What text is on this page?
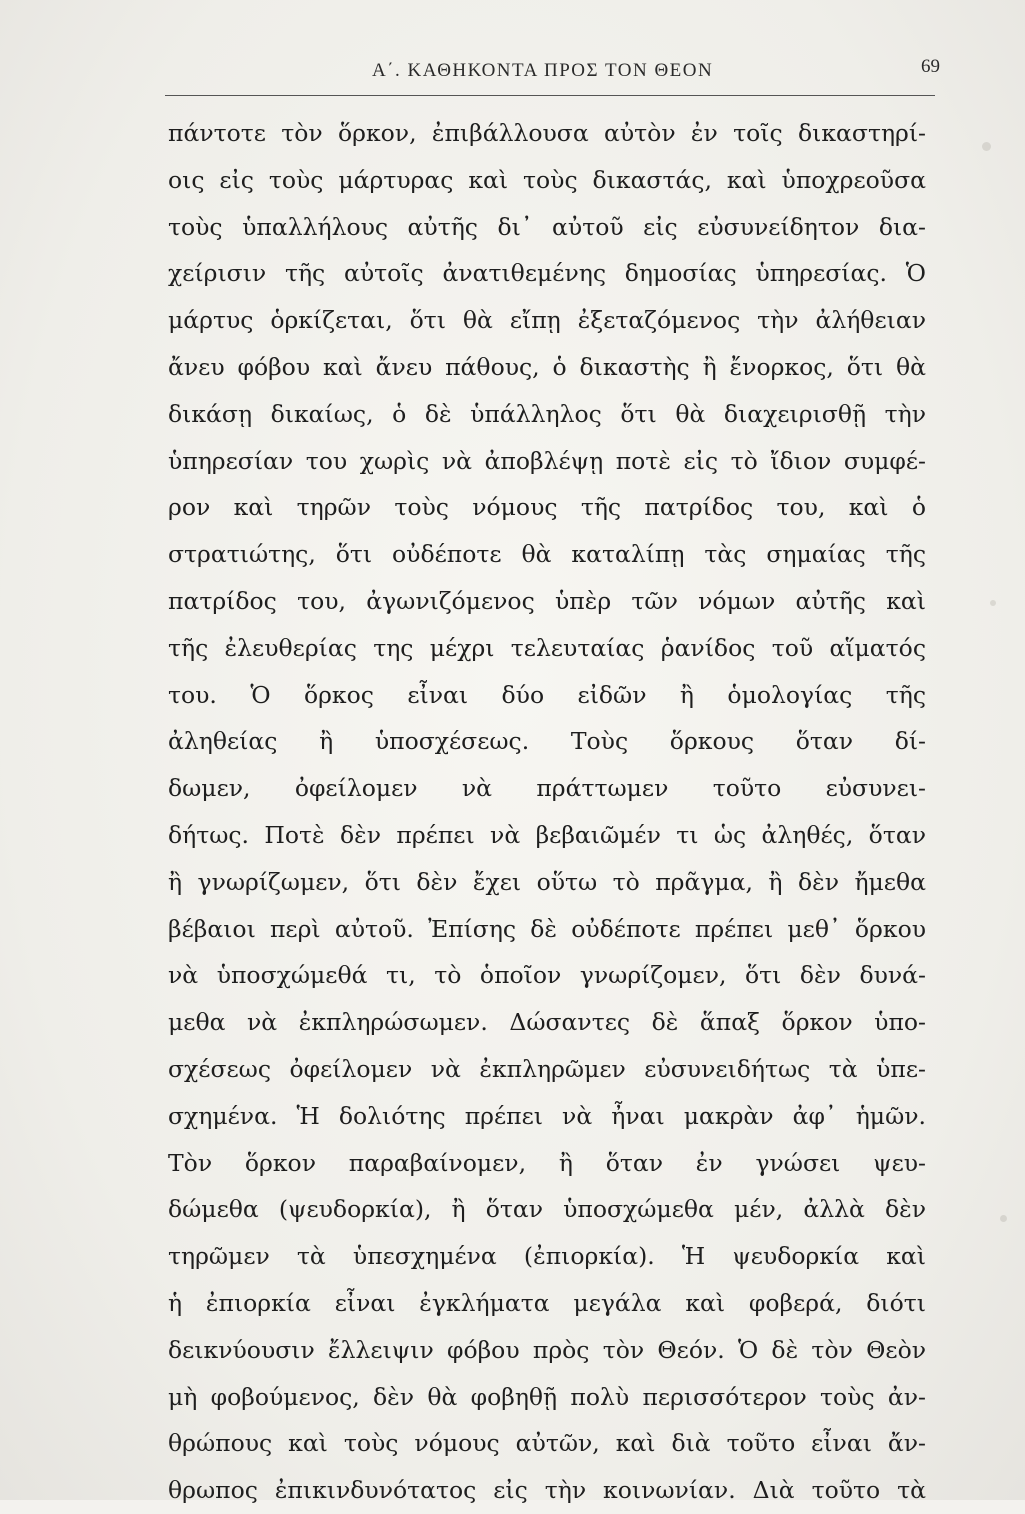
Α΄. ΚΑΘΗΚΟΝΤΑ ΠΡΟΣ ΤΟΝ ΘΕΟΝ	69
πάντοτε τὸν ὅρκον, ἐπιβάλλουσα αὐτὸν ἐν τοῖς δικαστηρί-
οις εἰς τοὺς μάρτυρας καὶ τοὺς δικαστάς, καὶ ὑποχρεοῦσα
τοὺς ὑπαλλήλους αὐτῆς δι᾽ αὐτοῦ εἰς εὐσυνείδητον δια-
χείρισιν τῆς αὐτοῖς ἀνατιθεμένης δημοσίας ὑπηρεσίας. Ὁ
μάρτυς ὁρκίζεται, ὅτι θὰ εἴπῃ ἐξεταζόμενος τὴν ἀλήθειαν
ἄνευ φόβου καὶ ἄνευ πάθους, ὁ δικαστὴς ἢ ἔνορκος, ὅτι θὰ
δικάσῃ δικαίως, ὁ δὲ ὑπάλληλος ὅτι θὰ διαχειρισθῇ τὴν
ὑπηρεσίαν του χωρὶς νὰ ἀποβλέψῃ ποτὲ εἰς τὸ ἴδιον συμφέ-
ρον καὶ τηρῶν τοὺς νόμους τῆς πατρίδος του, καὶ ὁ
στρατιώτης, ὅτι οὐδέποτε θὰ καταλίπῃ τὰς σημαίας τῆς
πατρίδος του, ἀγωνιζόμενος ὑπὲρ τῶν νόμων αὐτῆς καὶ
τῆς ἐλευθερίας της μέχρι τελευταίας ῥανίδος τοῦ αἵματός
του. Ὁ ὅρκος εἶναι δύο εἰδῶν ἢ ὁμολογίας τῆς
ἀληθείας ἢ ὑποσχέσεως. Τοὺς ὅρκους ὅταν δί-
δωμεν, ὀφείλομεν νὰ πράττωμεν τοῦτο εὐσυνει-
δήτως. Ποτὲ δὲν πρέπει νὰ βεβαιῶμέν τι ὡς ἀληθές, ὅταν
ἢ γνωρίζωμεν, ὅτι δὲν ἔχει οὕτω τὸ πρᾶγμα, ἢ δὲν ἤμεθα
βέβαιοι περὶ αὐτοῦ. Ἐπίσης δὲ οὐδέποτε πρέπει μεθ᾽ ὅρκου
νὰ ὑποσχώμεθά τι, τὸ ὁποῖον γνωρίζομεν, ὅτι δὲν δυνά-
μεθα νὰ ἐκπληρώσωμεν. Δώσαντες δὲ ἅπαξ ὅρκον ὑπο-
σχέσεως ὀφείλομεν νὰ ἐκπληρῶμεν εὐσυνειδήτως τὰ ὑπε-
σχημένα. Ἡ δολιότης πρέπει νὰ ἦναι μακρὰν ἀφ᾽ ἡμῶν.
Τὸν ὅρκον παραβαίνομεν, ἢ ὅταν ἐν γνώσει ψευ-
δώμεθα (ψευδορκία), ἢ ὅταν ὑποσχώμεθα μέν, ἀλλὰ δὲν
τηρῶμεν τὰ ὑπεσχημένα (ἐπιορκία). Ἡ ψευδορκία καὶ
ἡ ἐπιορκία εἶναι ἐγκλήματα μεγάλα καὶ φοβερά, διότι
δεικνύουσιν ἔλλειψιν φόβου πρὸς τὸν Θεόν. Ὁ δὲ τὸν Θεὸν
μὴ φοβούμενος, δὲν θὰ φοβηθῇ πολὺ περισσότερον τοὺς ἀν-
θρώπους καὶ τοὺς νόμους αὐτῶν, καὶ διὰ τοῦτο εἶναι ἄν-
θρωπος ἐπικινδυνότατος εἰς τὴν κοινωνίαν. Διὰ τοῦτο τὰ
